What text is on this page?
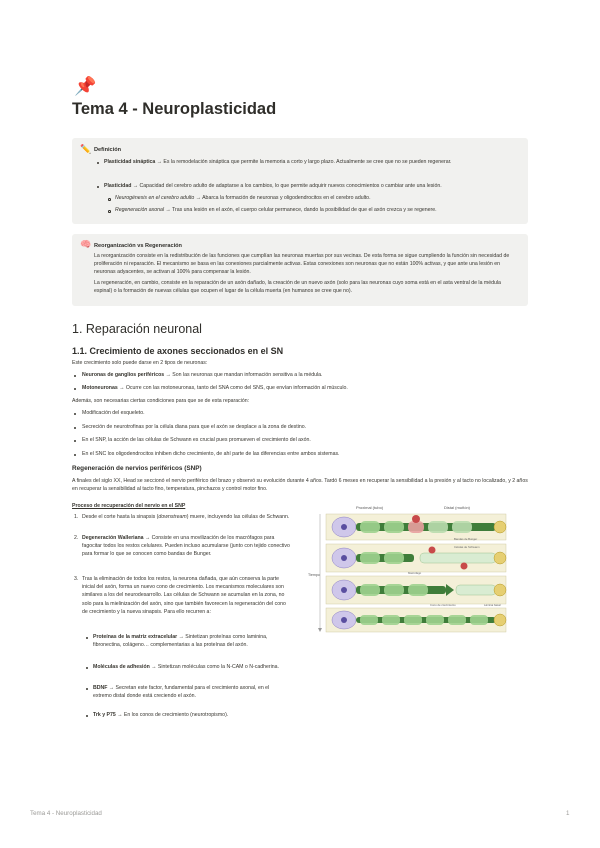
📌
Tema 4 - Neuroplasticidad
✏️ Definición
Plasticidad sináptica → Es la remodelación sináptica que permite la memoria a corto y largo plazo. Actualmente se cree que no se pueden regenerar.
Plasticidad → Capacidad del cerebro adulto de adaptarse a los cambios, lo que permite adquirir nuevos conocimientos o cambiar ante una lesión.
Neurogénesis en el cerebro adulto → Abarca la formación de neuronas y oligodendrocitos en el cerebro adulto.
Regeneración axonal → Tras una lesión en el axón, el cuerpo celular permanece, dando la posibilidad de que el axón crezca y se regenere.
🧠 Reorganización vs Regeneración
La reorganización consiste en la redistribución de las funciones que cumplían las neuronas muertas por sus vecinas. De esta forma se sigue cumpliendo la función sin necesidad de proliferación ni reparación. El mecanismo se basa en las conexiones parcialmente activas. Estas conexiones son neuronas que no están 100% activas, y que ante una lesión en neuronas adyacentes, se activan al 100% para compensar la lesión.
La regeneración, en cambio, consiste en la reparación de un axón dañado, la creación de un nuevo axón (solo para las neuronas cuyo soma está en el asta ventral de la médula espinal) o la formación de nuevas células que ocupen el lugar de la célula muerta (en humanos se cree que no).
1. Reparación neuronal
1.1. Crecimiento de axones seccionados en el SN
Este crecimiento solo puede darse en 2 tipos de neuronas:
Neuronas de ganglios periféricos → Son las neuronas que mandan información sensitiva a la médula.
Motoneuronas → Ocurre con las motoneuronas, tanto del SNA como del SNS, que envían información al músculo.
Además, son necesarias ciertas condiciones para que se de esta reparación:
Modificación del esqueleto.
Secreción de neurotrofinas por la célula diana para que el axón se desplace a la zona de destino.
En el SNP, la acción de las células de Schwann es crucial pues promueven el crecimiento del axón.
En el SNC los oligodendrocitos inhiben dicho crecimiento, de ahí parte de las diferencias entre ambos sistemas.
Regeneración de nervios periféricos (SNP)
A finales del siglo XX, Head se seccionó el nervio periférico del brazo y observó su evolución durante 4 años. Tardó 6 meses en recuperar la sensibilidad a la presión y al tacto no localizado, y 2 años en recuperar la sensibilidad al tacto fino, temperatura, pinchazos y control motor fino.
Proceso de recuperación del nervio en el SNP
1. Desde el corte hasta la sinapsis (downstream) muere, incluyendo las células de Schwann.
2. Degeneración Walleriana → Consiste en una movilización de los macrófagos para fagocitar todos los restos celulares. Pueden incluso acumularse (junto con tejido conectivo para formar lo que se conocen como bandas de Bunger.
3. Tras la eliminación de todos los restos, la neurona dañada, que aún conserva la parte inicial del axón, forma un nuevo cono de crecimiento. Los mecanismos moleculares son similares a los del neurodesarrollo. Las células de Schwann se acumulan en la zona, no solo para la mielinización del axón, sino que también favorecen la regeneración del cono de crecimiento y la nueva sinapsis. Para ello recurren a:
Proteínas de la matriz extracelular → Sintetizan proteínas como laminina, fibronectina, colágeno… complementarias a las proteínas del axón.
Moléculas de adhesión → Sintetizan moléculas como la N-CAM o N-cadherina.
BDNF → Secretan este factor, fundamental para el crecimiento axonal, en el extremo distal donde está creciendo el axón.
Trk y P75 → En los conos de crecimiento (neurotropismo).
Proximal (tubo)	Distal (muñón)
Tiempo
Bandas de Bunger
Células de Schwann
Macrófago
Cono de crecimiento	Lámina basal
Tema 4 - Neuroplasticidad	1
